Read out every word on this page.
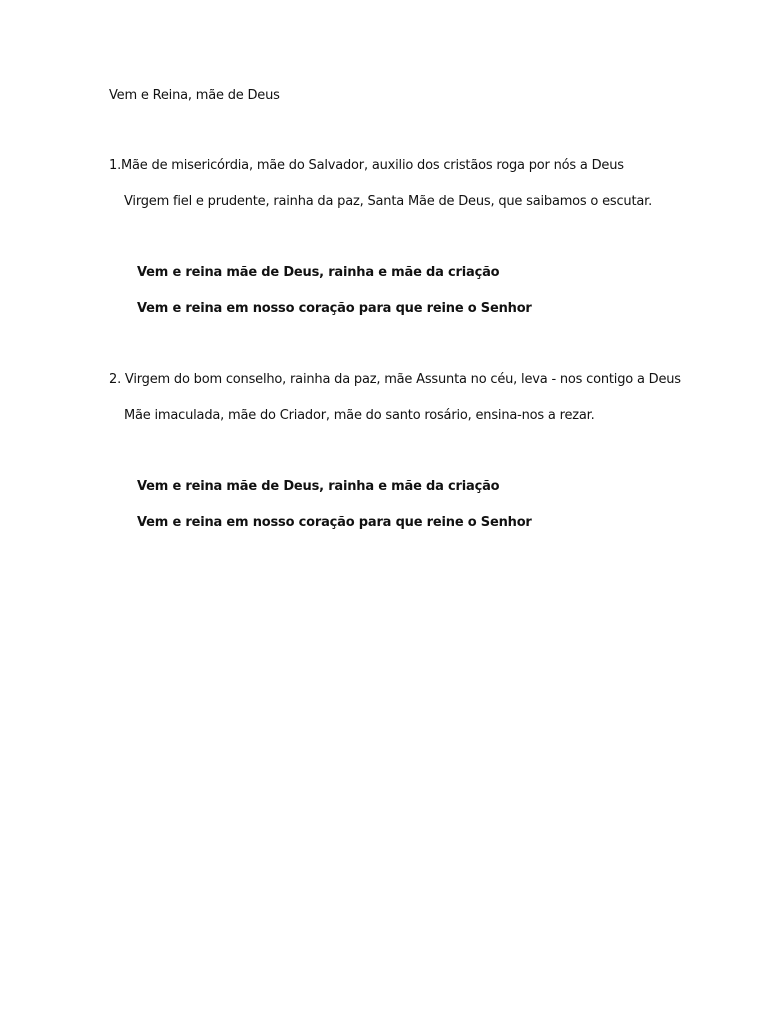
Vem e Reina, mãe de Deus
1.Mãe de misericórdia, mãe do Salvador, auxilio dos cristãos roga por nós a Deus
Virgem fiel e prudente, rainha da paz, Santa Mãe de Deus, que saibamos o escutar.
Vem e reina mãe de Deus, rainha e mãe da criação
Vem e reina em nosso coração para que reine o Senhor
2. Virgem do bom conselho, rainha da paz, mãe Assunta no céu, leva - nos contigo a Deus
Mãe imaculada, mãe do Criador, mãe do santo rosário, ensina-nos a rezar.
Vem e reina mãe de Deus, rainha e mãe da criação
Vem e reina em nosso coração para que reine o Senhor
